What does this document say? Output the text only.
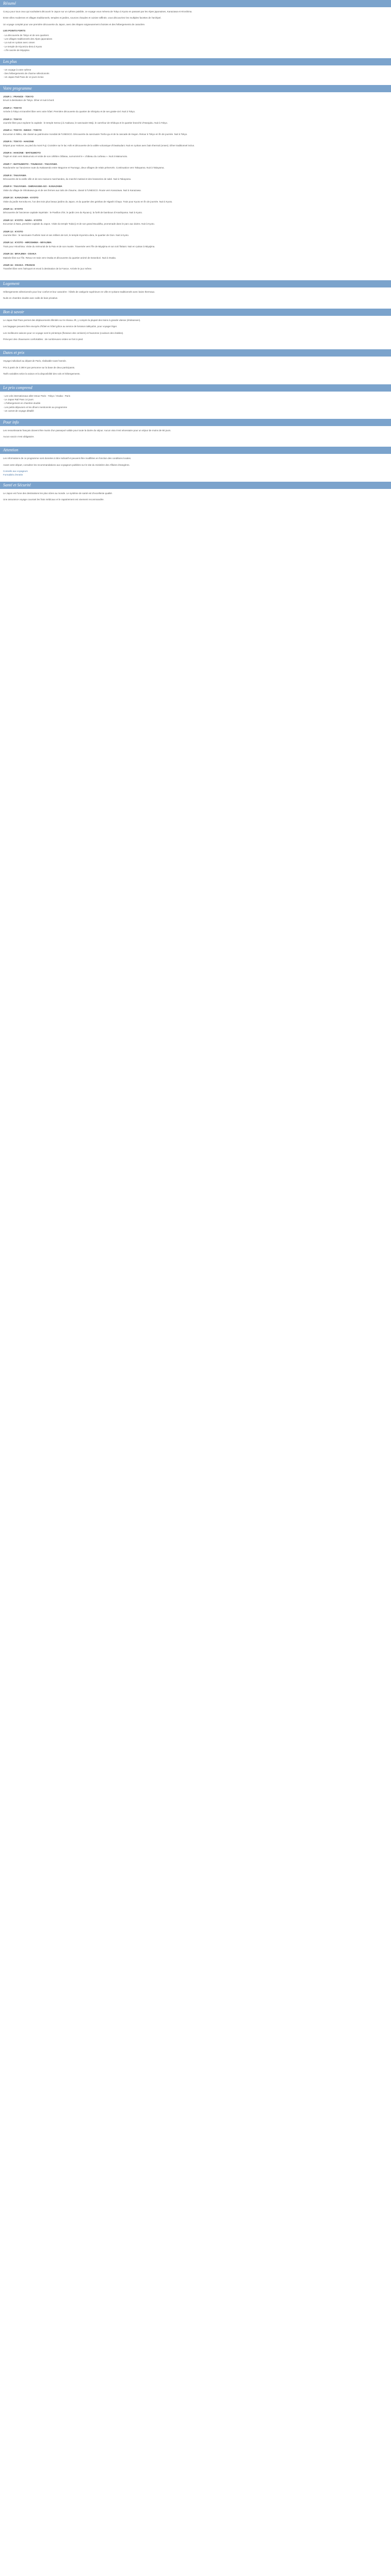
Résumé

Conçu pour tous ceux qui souhaitent découvrir le Japon sur un rythme paisible, ce voyage vous mènera de Tokyo à Kyoto en passant par les Alpes japonaises, Kanazawa et Hiroshima.

Entre villes modernes et villages traditionnels, temples et jardins, sources chaudes et cuisine raffinée, vous découvrirez les multiples facettes de l'archipel.

Un voyage complet pour une première découverte du Japon, avec des étapes soigneusement choisies et des hébergements de caractère.

LES POINTS FORTS

- La découverte de Tokyo et de ses quartiers

- Les villages traditionnels des Alpes japonaises

- La nuit en ryokan avec onsen

- Le temple de Kiyomizu-dera à Kyoto

- L'île sacrée de Miyajima

Les plus

- Un voyage à votre rythme

- Des hébergements de charme sélectionnés

- Un Japan Rail Pass de 14 jours inclus

Votre programme

JOUR 1 : FRANCE - TOKYO

Envol à destination de Tokyo. Dîner et nuit à bord.

JOUR 2 : TOKYO

Arrivée à Tokyo et transfert libre vers votre hôtel. Première découverte du quartier de Shinjuku et de ses gratte-ciel. Nuit à Tokyo.

JOUR 3 : TOKYO

Journée libre pour explorer la capitale : le temple Senso-ji à Asakusa, le sanctuaire Meiji, le carrefour de Shibuya et le quartier branché d'Harajuku. Nuit à Tokyo.

JOUR 4 : TOKYO - NIKKO - TOKYO

Excursion à Nikko, site classé au patrimoine mondial de l'UNESCO. Découverte du sanctuaire Tosho-gu et de la cascade de Kegon. Retour à Tokyo en fin de journée. Nuit à Tokyo.

JOUR 5 : TOKYO - HAKONE

Départ pour Hakone, au pied du mont Fuji. Croisière sur le lac Ashi et découverte de la vallée volcanique d'Owakudani. Nuit en ryokan avec bain thermal (onsen). Dîner traditionnel inclus.

JOUR 6 : HAKONE - MATSUMOTO

Trajet en train vers Matsumoto et visite de son célèbre château, surnommé le « château du corbeau ». Nuit à Matsumoto.

JOUR 7 : MATSUMOTO - TSUMAGO - TAKAYAMA

Randonnée sur l'ancienne route du Nakasendo entre Magome et Tsumago, deux villages de relais préservés. Continuation vers Takayama. Nuit à Takayama.

JOUR 8 : TAKAYAMA

Découverte de la vieille ville et de ses maisons marchandes, du marché matinal et des brasseries de saké. Nuit à Takayama.

JOUR 9 : TAKAYAMA - SHIRAKAWA-GO - KANAZAWA

Visite du village de Shirakawa-go et de ses fermes aux toits de chaume, classé à l'UNESCO. Route vers Kanazawa. Nuit à Kanazawa.

JOUR 10 : KANAZAWA - KYOTO

Visite du jardin Kenroku-en, l'un des trois plus beaux jardins du Japon, et du quartier des geishas de Higashi Chaya. Train pour Kyoto en fin de journée. Nuit à Kyoto.

JOUR 11 : KYOTO

Découverte de l'ancienne capitale impériale : le Pavillon d'Or, le jardin zen du Ryoan-ji, la forêt de bambous d'Arashiyama. Nuit à Kyoto.

JOUR 12 : KYOTO - NARA - KYOTO

Excursion à Nara, première capitale du Japon. Visite du temple Todai-ji et de son grand Bouddha, promenade dans le parc aux daims. Nuit à Kyoto.

JOUR 13 : KYOTO

Journée libre : le sanctuaire Fushimi Inari et ses milliers de torii, le temple Kiyomizu-dera, le quartier de Gion. Nuit à Kyoto.

JOUR 14 : KYOTO - HIROSHIMA - MIYAJIMA

Train pour Hiroshima. Visite du mémorial de la Paix et de son musée. Traversée vers l'île de Miyajima et son torii flottant. Nuit en ryokan à Miyajima.

JOUR 15 : MIYAJIMA - OSAKA

Matinée libre sur l'île. Retour en train vers Osaka et découverte du quartier animé de Dotonbori. Nuit à Osaka.

JOUR 16 : OSAKA - FRANCE

Transfert libre vers l'aéroport et envol à destination de la France. Arrivée le jour même.

Logement

Hébergements sélectionnés pour leur confort et leur caractère : hôtels de catégorie supérieure en ville et ryokans traditionnels avec bains thermaux.

Nuits en chambre double avec salle de bain privative.

Bon à savoir

Le Japan Rail Pass permet des déplacements illimités sur le réseau JR, y compris la plupart des trains à grande vitesse (shinkansen).

Les bagages peuvent être envoyés d'hôtel en hôtel grâce au service de livraison takkyubin, pour voyager léger.

Les meilleures saisons pour ce voyage sont le printemps (floraison des cerisiers) et l'automne (couleurs des érables).

Prévoyez des chaussures confortables : de nombreuses visites se font à pied.

Dates et prix

Voyage individuel au départ de Paris, réalisable toute l'année.

Prix à partir de 3 290 € par personne sur la base de deux participants.

Tarifs variables selon la saison et la disponibilité des vols et hébergements.

Le prix comprend

- Les vols internationaux aller-retour Paris - Tokyo / Osaka - Paris

- Le Japan Rail Pass 14 jours

- L'hébergement en chambre double

- Les petits-déjeuners et les dîners mentionnés au programme

- Un carnet de voyage détaillé

Pour info

Les ressortissants français doivent être munis d'un passeport valide pour toute la durée du séjour. Aucun visa n'est nécessaire pour un séjour de moins de 90 jours.

Aucun vaccin n'est obligatoire.

Attention

Les informations de ce programme sont données à titre indicatif et peuvent être modifiées en fonction des conditions locales.

Avant votre départ, consultez les recommandations aux voyageurs publiées sur le site du ministère des Affaires étrangères.

Conseils aux voyageurs

Formalités d'entrée

Santé et Sécurité

Le Japon est l'une des destinations les plus sûres au monde. Le système de santé est d'excellente qualité.

Une assurance voyage couvrant les frais médicaux et le rapatriement est vivement recommandée.
